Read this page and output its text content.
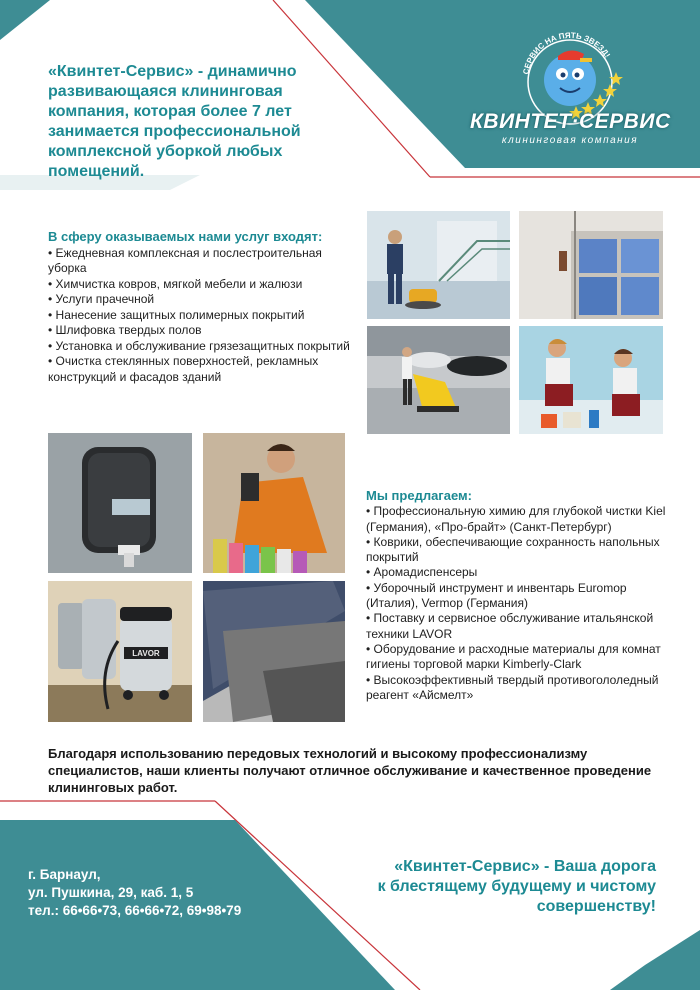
«Квинтет-Сервис» - динамично развивающаяся клининговая компания, которая более 7 лет занимается профессиональной комплексной уборкой любых помещений.

СЕРВИС НА ПЯТЬ ЗВЕЗД!
КВИНТЕТ·СЕРВИС
клининговая компания
В сферу оказываемых нами услуг входят:
• Ежедневная комплексная и послестроительная уборка
• Химчистка ковров, мягкой мебели и жалюзи
• Услуги прачечной
• Нанесение защитных полимерных покрытий
• Шлифовка твердых полов
• Установка и обслуживание грязезащитных покрытий
• Очистка стеклянных поверхностей, рекламных конструкций и фасадов зданий
LAVOR
Мы предлагаем:
• Профессиональную химию для глубокой чистки Kiel (Германия), «Про-брайт» (Санкт-Петербург)
• Коврики, обеспечивающие сохранность напольных покрытий
• Аромадиспенсеры
• Уборочный инструмент и инвентарь Euromop (Италия), Vermop (Германия)
• Поставку и сервисное обслуживание итальянской техники LAVOR
• Оборудование и расходные материалы для комнат гигиены торговой марки Kimberly-Clark
• Высокоэффективный твердый противогололедный реагент «Айсмелт»

Благодаря использованию передовых технологий и высокому профессионализму специалистов, наши клиенты получают отличное обслуживание и качественное проведение клининговых работ.

г. Барнаул,
ул. Пушкина, 29, каб. 1, 5
тел.: 66•66•73, 66•66•72, 69•98•79
«Квинтет-Сервис» - Ваша дорога
к блестящему будущему и чистому
совершенству!
